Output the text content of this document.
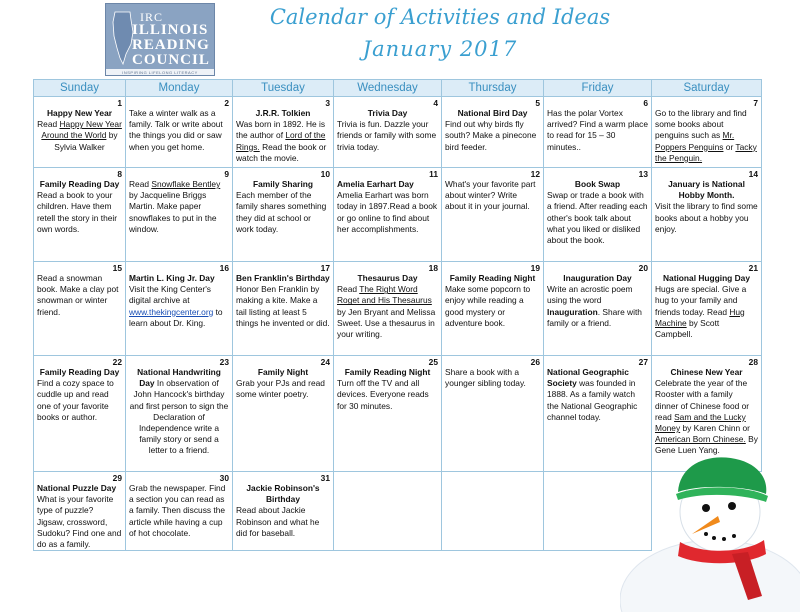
IRC
ILLINOIS
READING
COUNCIL
INSPIRING LIFELONG LITERACY
Calendar of Activities and Ideas
January 2017
Sunday	Monday	Tuesday	Wednesday	Thursday	Friday	Saturday

1
Happy New Year
Read Happy New Year Around the World by Sylvia Walker	2
Take a winter walk as a family. Talk or write about the things you did or saw when you get home.	3
J.R.R. Tolkien
Was born in 1892. He is the author of Lord of the Rings. Read the book or watch the movie.	4
Trivia Day
Trivia is fun. Dazzle your friends or family with some trivia today.	5
National Bird Day
Find out why birds fly south? Make a pinecone bird feeder.	6
Has the polar Vortex arrived? Find a warm place to read for 15 – 30 minutes..	7
Go to the library and find some books about penguins such as Mr. Poppers Penguins or Tacky the Penguin.

8
Family Reading Day
Read a book to your children. Have them retell the story in their own words.	9
Read Snowflake Bentley by Jacqueline Briggs Martin. Make paper snowflakes to put in the window.	10
Family Sharing
Each member of the family shares something they did at school or work today.	11
Amelia Earhart Day
Amelia Earhart was born today in 1897.Read a book or go online to find about her accomplishments.	12
What's your favorite part about winter? Write about it in your journal.	13
Book Swap
Swap or trade a book with a friend. After reading each other's book talk about what you liked or disliked about the book.	14
January is National Hobby Month.
Visit the library to find some books about a hobby you enjoy.

15
Read a snowman book. Make a clay pot snowman or winter friend.	16
Martin L. King Jr. Day
Visit the King Center's digital archive at www.thekingcenter.org to learn about Dr. King.	17
Ben Franklin's Birthday
Honor Ben Franklin by making a kite. Make a tail listing at least 5 things he invented or did.	18
Thesaurus Day
Read The Right Word Roget and His Thesaurus by Jen Bryant and Melissa Sweet. Use a thesaurus in your writing.	19
Family Reading Night
Make some popcorn to enjoy while reading a good mystery or adventure book.	20
Inauguration Day
Write an acrostic poem using the word Inauguration. Share with family or a friend.	21
National Hugging Day
Hugs are special. Give a hug to your family and friends today. Read Hug Machine by Scott Campbell.

22
Family Reading Day
Find a cozy space to cuddle up and read one of your favorite books or author.	23
National Handwriting
Day In observation of John Hancock's birthday and first person to sign the Declaration of Independence write a family story or send a letter to a friend.	24
Family Night
Grab your PJs and read some winter poetry.	25
Family Reading Night
Turn off the TV and all devices. Everyone reads for 30 minutes.	26
Share a book with a younger sibling today.	27
National Geographic Society was founded in 1888. As a family watch the National Geographic channel today.	28
Chinese New Year
Celebrate the year of the Rooster with a family dinner of Chinese food or read Sam and the Lucky Money by Karen Chinn or American Born Chinese. By Gene Luen Yang.

29
National Puzzle Day
What is your favorite type of puzzle? Jigsaw, crossword, Sudoku? Find one and do as a family.	30
Grab the newspaper. Find a section you can read as a family. Then discuss the article while having a cup of hot chocolate.	31
Jackie Robinson's Birthday
Read about Jackie Robinson and what he did for baseball.				
